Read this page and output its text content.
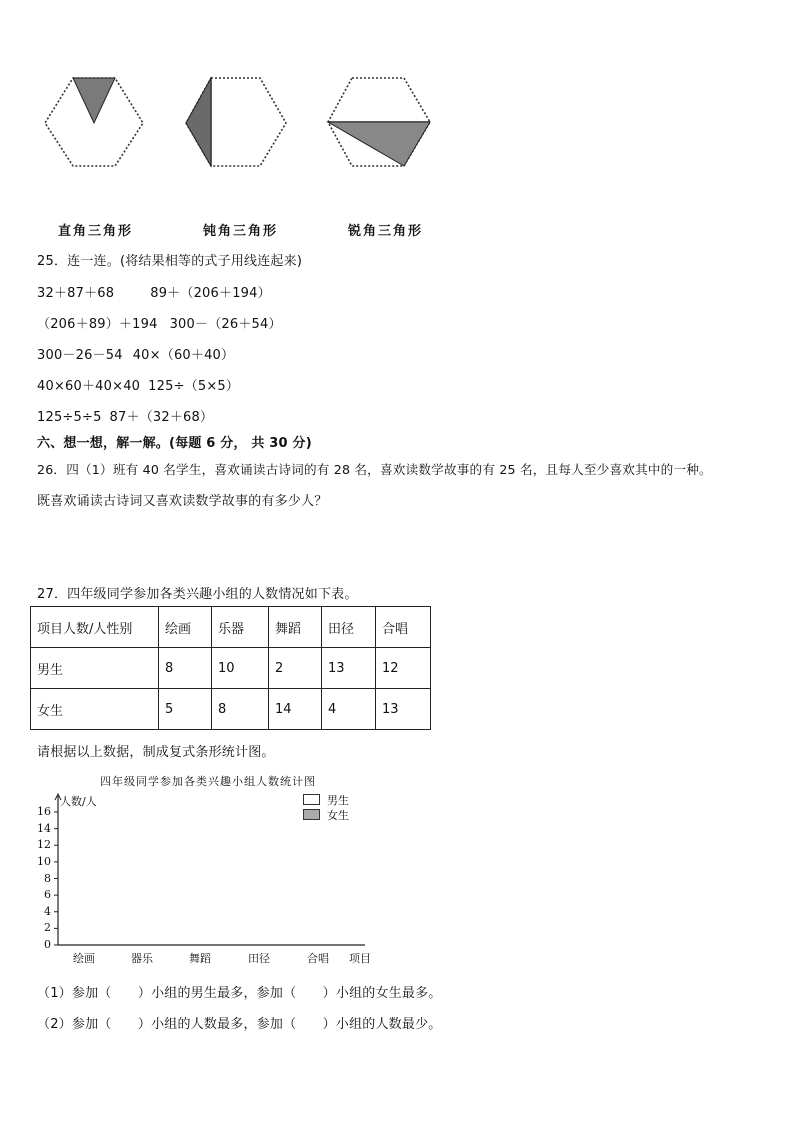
直角三角形	钝角三角形	锐角三角形
25．连一连。(将结果相等的式子用线连起来)
32＋87＋68	89＋（206＋194）
（206＋89）＋194 300－（26＋54）
300－26－54 40×（60＋40）
40×60＋40×40 125÷（5×5）
125÷5÷5 87＋（32＋68）
六、想一想，解一解。(每题 6 分， 共 30 分)
26．四（1）班有 40 名学生，喜欢诵读古诗词的有 28 名，喜欢读数学故事的有 25 名，且每人至少喜欢其中的一种。
既喜欢诵读古诗词又喜欢读数学故事的有多少人？
27．四年级同学参加各类兴趣小组的人数情况如下表。
项目人数/人性别	绘画	乐器	舞蹈	田径	合唱
男生	8	10	2	13	12
女生	5	8	14	4	13
请根据以上数据，制成复式条形统计图。
四年级同学参加各类兴趣小组人数统计图
男生
女生
0
2
4
6
8
10
12
14
16
人数/人
绘画	器乐	舞蹈	田径	合唱 项目
（1）参加（　　）小组的男生最多，参加（　　）小组的女生最多。
（2）参加（　　）小组的人数最多，参加（　　）小组的人数最少。
